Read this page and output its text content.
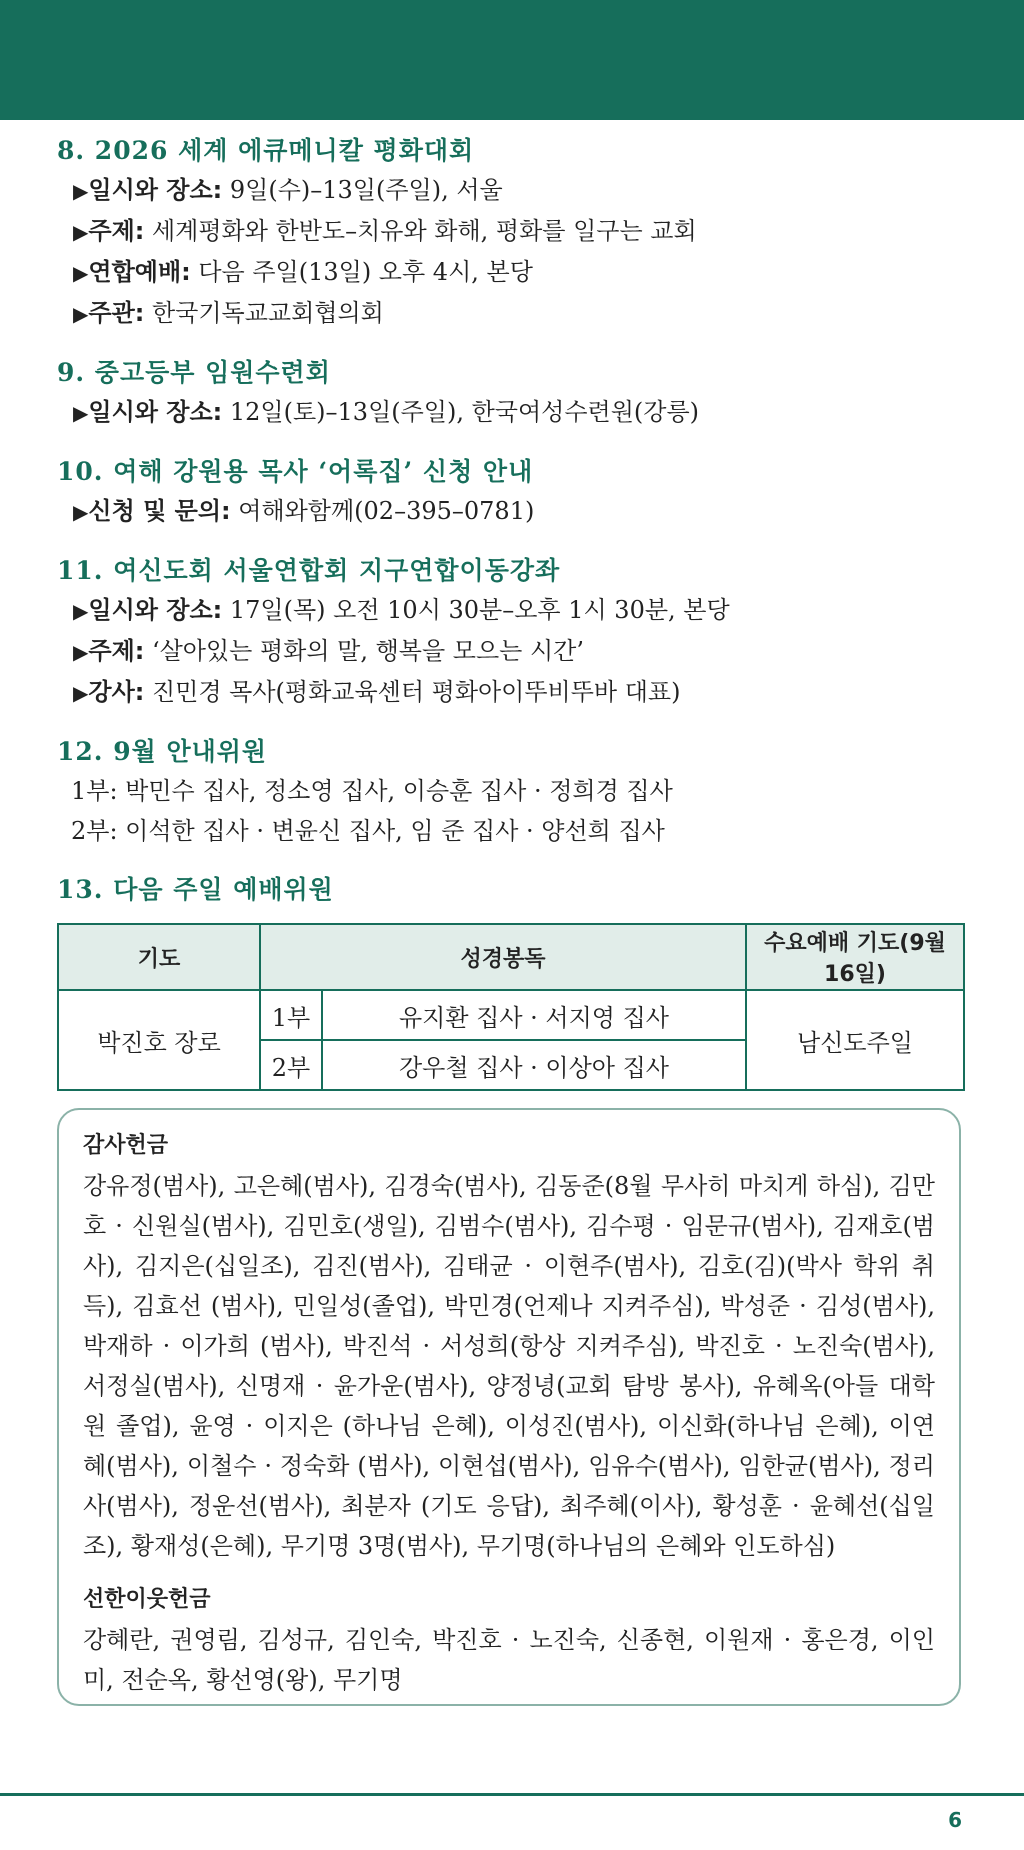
8. 2026 세계 에큐메니칼 평화대회

▶일시와 장소: 9일(수)–13일(주일), 서울

▶주제: 세계평화와 한반도–치유와 화해, 평화를 일구는 교회

▶연합예배: 다음 주일(13일) 오후 4시, 본당

▶주관: 한국기독교교회협의회

9. 중고등부 임원수련회

▶일시와 장소: 12일(토)–13일(주일), 한국여성수련원(강릉)

10. 여해 강원용 목사 ‘어록집’ 신청 안내

▶신청 및 문의: 여해와함께(02–395–0781)

11. 여신도회 서울연합회 지구연합이동강좌

▶일시와 장소: 17일(목) 오전 10시 30분–오후 1시 30분, 본당

▶주제: ‘살아있는 평화의 말, 행복을 모으는 시간’

▶강사: 진민경 목사(평화교육센터 평화아이뚜비뚜바 대표)

12. 9월 안내위원

1부: 박민수 집사, 정소영 집사, 이승훈 집사 · 정희경 집사

2부: 이석한 집사 · 변윤신 집사, 임 준 집사 · 양선희 집사

13. 다음 주일 예배위원
기도	성경봉독		수요예배 기도(9월 16일)
박진호 장로	1부	유지환 집사 · 서지영 집사	남신도주일
	2부	강우철 집사 · 이상아 집사	

감사헌금

강유정(범사), 고은혜(범사), 김경숙(범사), 김동준(8월 무사히 마치게 하심), 김만호 · 신원실(범사), 김민호(생일), 김범수(범사), 김수평 · 임문규(범사), 김재호(범사), 김지은(십일조), 김진(범사), 김태균 · 이현주(범사), 김호(김)(박사 학위 취득), 김효선 (범사), 민일성(졸업), 박민경(언제나 지켜주심), 박성준 · 김성(범사), 박재하 · 이가희 (범사), 박진석 · 서성희(항상 지켜주심), 박진호 · 노진숙(범사), 서정실(범사), 신명재 · 윤가운(범사), 양정녕(교회 탐방 봉사), 유혜옥(아들 대학원 졸업), 윤영 · 이지은 (하나님 은혜), 이성진(범사), 이신화(하나님 은혜), 이연혜(범사), 이철수 · 정숙화 (범사), 이현섭(범사), 임유수(범사), 임한균(범사), 정리사(범사), 정운선(범사), 최분자 (기도 응답), 최주혜(이사), 황성훈 · 윤혜선(십일조), 황재성(은혜), 무기명 3명(범사), 무기명(하나님의 은혜와 인도하심)

선한이웃헌금

강혜란, 권영림, 김성규, 김인숙, 박진호 · 노진숙, 신종현, 이원재 · 홍은경, 이인미, 전순옥, 황선영(왕), 무기명

6
